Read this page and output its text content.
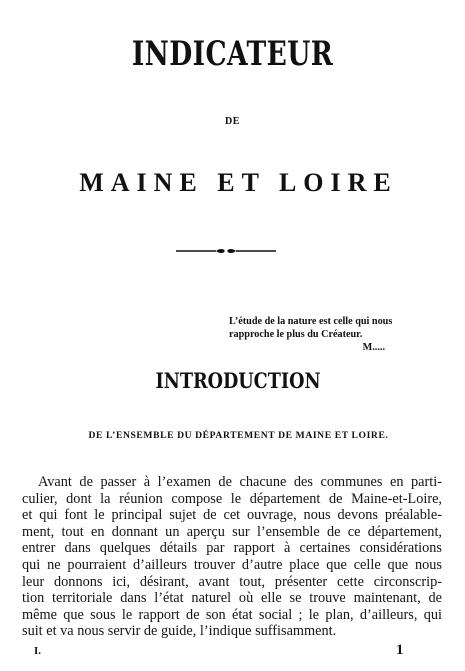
INDICATEUR
DE
MAINE ET LOIRE
L’étude de la nature est celle qui nous
rapproche le plus du Créateur.
M.....
INTRODUCTION
DE L’ENSEMBLE DU DÉPARTEMENT DE MAINE ET LOIRE.
Avant de passer à l’examen de chacune des communes en parti-
culier, dont la réunion compose le département de Maine-et-Loire,
et qui font le principal sujet de cet ouvrage, nous devons préalable-
ment, tout en donnant un aperçu sur l’ensemble de ce département,
entrer dans quelques détails par rapport à certaines considérations
qui ne pourraient d’ailleurs trouver d’autre place que celle que nous
leur donnons ici, désirant, avant tout, présenter cette circonscrip-
tion territoriale dans l’état naturel où elle se trouve maintenant, de
même que sous le rapport de son état social ; le plan, d’ailleurs, qui
suit et va nous servir de guide, l’indique suffisamment.
I.	1
